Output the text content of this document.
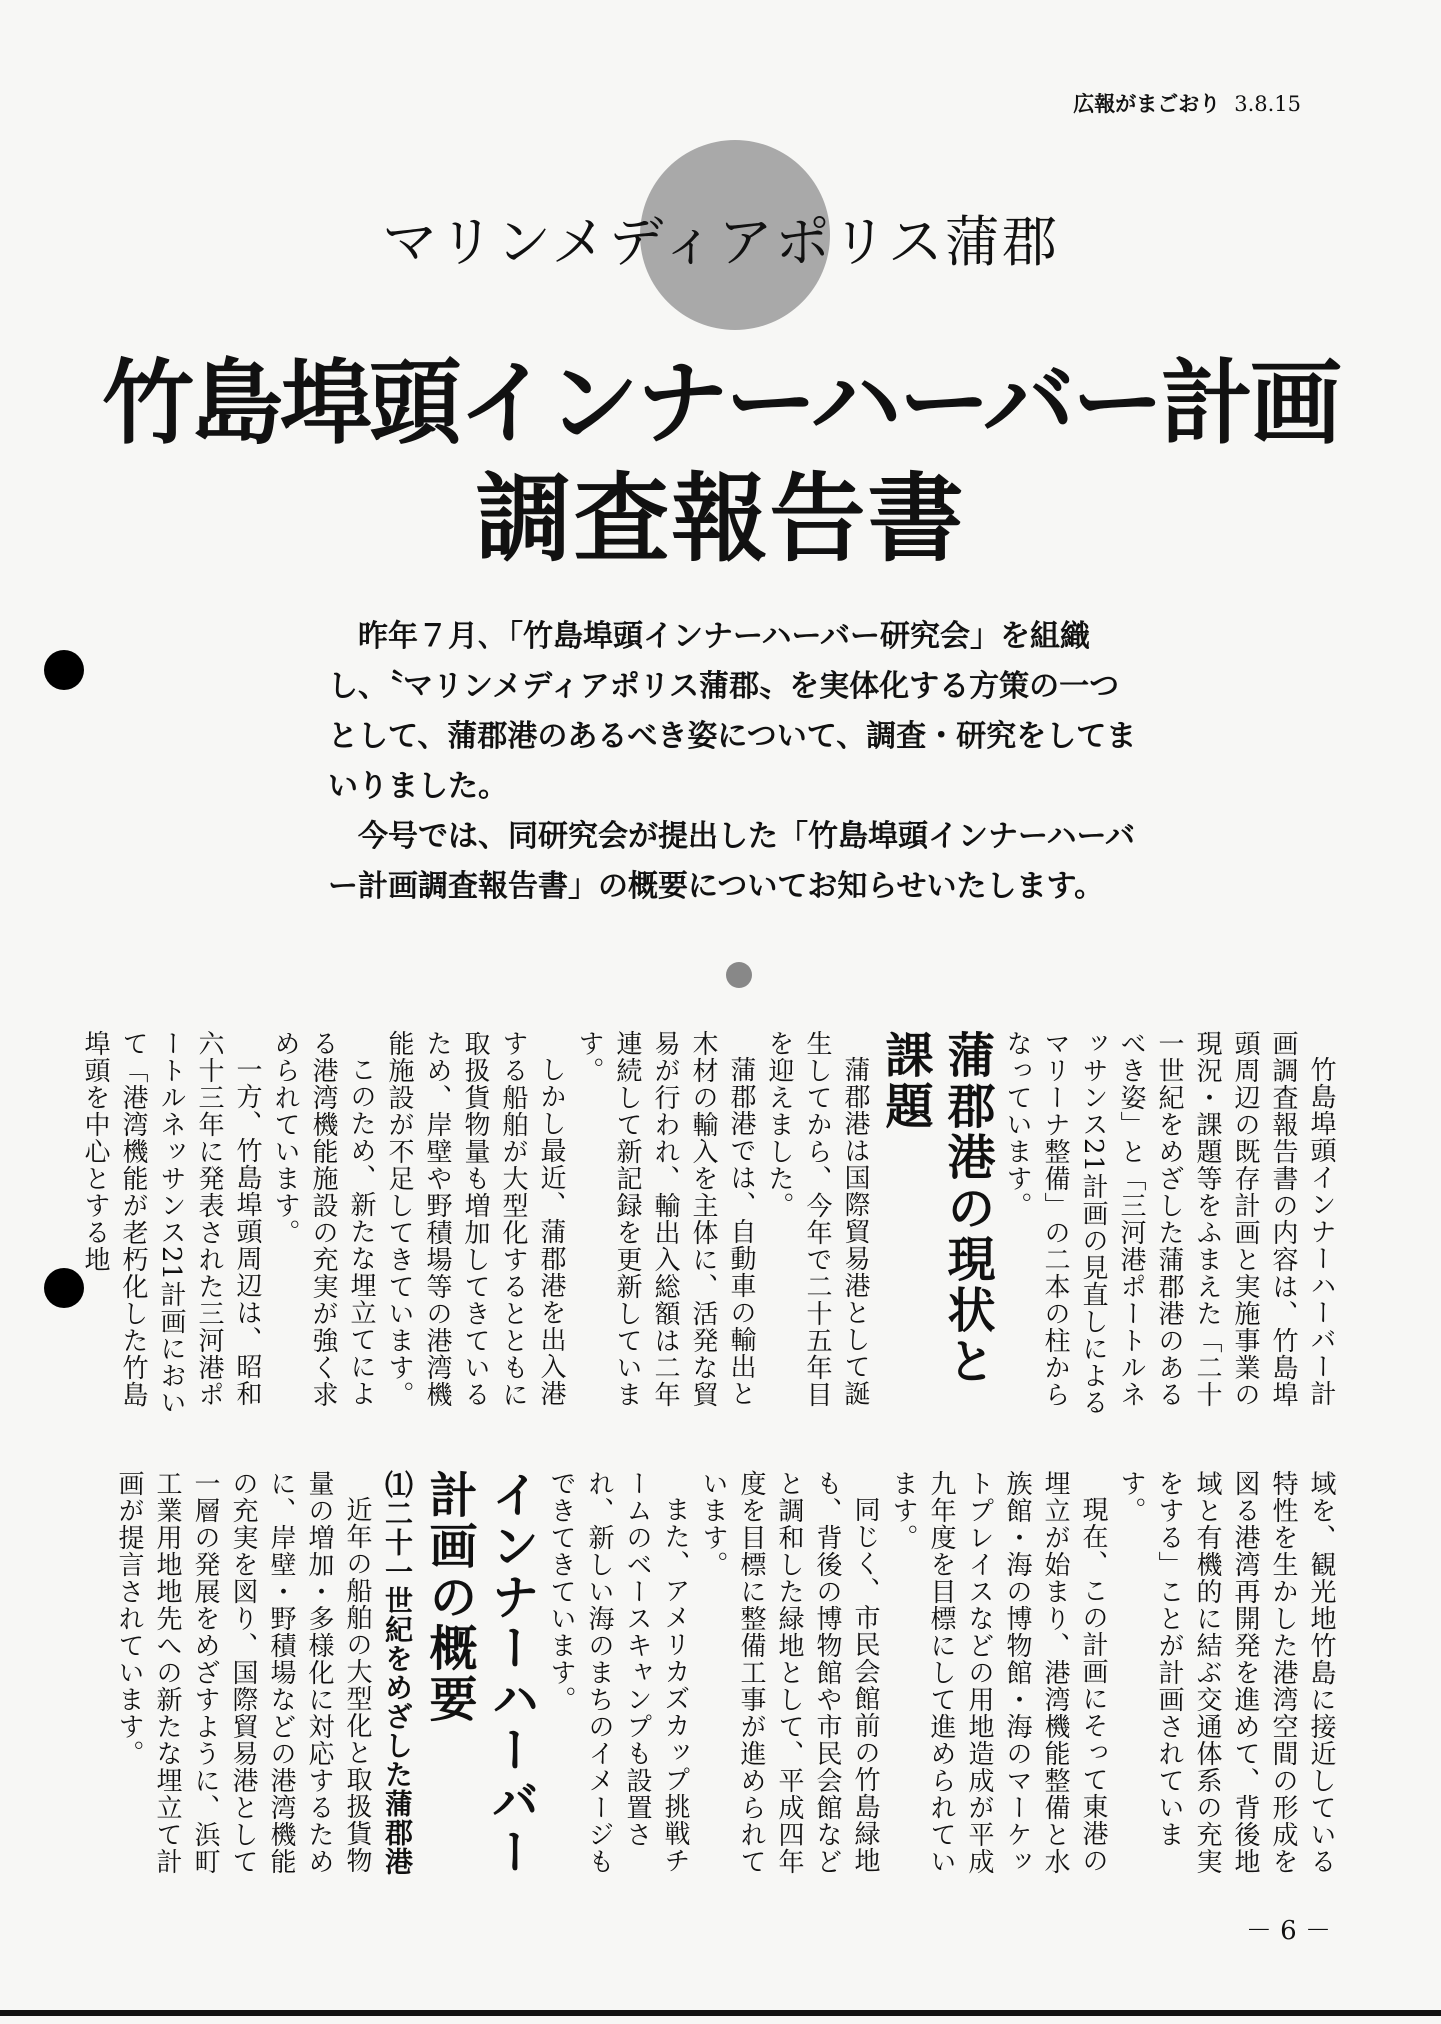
広報がまごおり 3.8.15
マリンメディアポリス蒲郡
竹島埠頭インナーハーバー計画
調査報告書

昨年７月､「竹島埠頭インナーハーバー研究会」を組織し、〝マリンメディアポリス蒲郡〟を実体化する方策の一つとして、蒲郡港のあるべき姿について、調査・研究をしてまいりました。

今号では、同研究会が提出した「竹島埠頭インナーハーバー計画調査報告書」の概要についてお知らせいたします。

竹島埠頭インナーハーバー計画調査報告書の内容は、竹島埠頭周辺の既存計画と実施事業の現況・課題等をふまえた「二十一世紀をめざした蒲郡港のあるべき姿」と「三河港ポートルネッサンス21計画の見直しによるマリーナ整備」の二本の柱からなっています。

蒲郡港の現状と課題

蒲郡港は国際貿易港として誕生してから、今年で二十五年目を迎えました。

蒲郡港では、自動車の輸出と木材の輸入を主体に、活発な貿易が行われ、輸出入総額は二年連続して新記録を更新しています。

しかし最近、蒲郡港を出入港する船舶が大型化するとともに取扱貨物量も増加してきているため、岸壁や野積場等の港湾機能施設が不足してきています。

このため、新たな埋立てによる港湾機能施設の充実が強く求められています。

一方、竹島埠頭周辺は、昭和六十三年に発表された三河港ポートルネッサンス21計画において「港湾機能が老朽化した竹島埠頭を中心とする地

域を、観光地竹島に接近している特性を生かした港湾空間の形成を図る港湾再開発を進めて、背後地域と有機的に結ぶ交通体系の充実をする」ことが計画されています。

現在、この計画にそって東港の埋立が始まり、港湾機能整備と水族館・海の博物館・海のマーケットプレイスなどの用地造成が平成九年度を目標にして進められています。

同じく、市民会館前の竹島緑地も、背後の博物館や市民会館などと調和した緑地として、平成四年度を目標に整備工事が進められています。

また、アメリカズカップ挑戦チームのベースキャンプも設置され、新しい海のまちのイメージもできてきています。

インナーハーバー計画の概要

⑴二十一世紀をめざした蒲郡港

近年の船舶の大型化と取扱貨物量の増加・多様化に対応するために、岸壁・野積場などの港湾機能の充実を図り、国際貿易港として一層の発展をめざすように、浜町工業用地地先への新たな埋立て計画が提言されています。

－ 6 －
